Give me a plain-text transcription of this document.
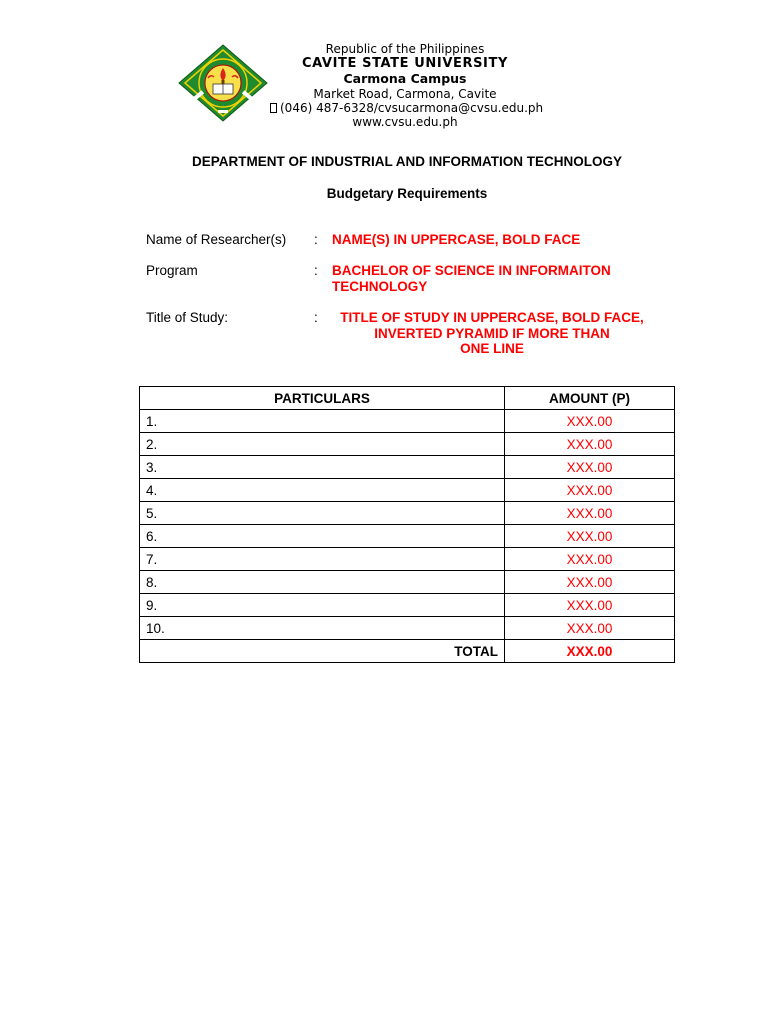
Republic of the Philippines
CAVITE STATE UNIVERSITY
Carmona Campus
Market Road, Carmona, Cavite
(046) 487-6328/cvsucarmona@cvsu.edu.ph
www.cvsu.edu.ph
DEPARTMENT OF INDUSTRIAL AND INFORMATION TECHNOLOGY
Budgetary Requirements
Name of Researcher(s) : NAME(S) IN UPPERCASE, BOLD FACE
Program	: BACHELOR OF SCIENCE IN INFORMAITON
TECHNOLOGY
Title of Study:	:	TITLE OF STUDY IN UPPERCASE, BOLD FACE,
INVERTED PYRAMID IF MORE THAN
ONE LINE
PARTICULARS	AMOUNT (P)
1.	XXX.00
2.	XXX.00
3.	XXX.00
4.	XXX.00
5.	XXX.00
6.	XXX.00
7.	XXX.00
8.	XXX.00
9.	XXX.00
10.	XXX.00
TOTAL	XXX.00
